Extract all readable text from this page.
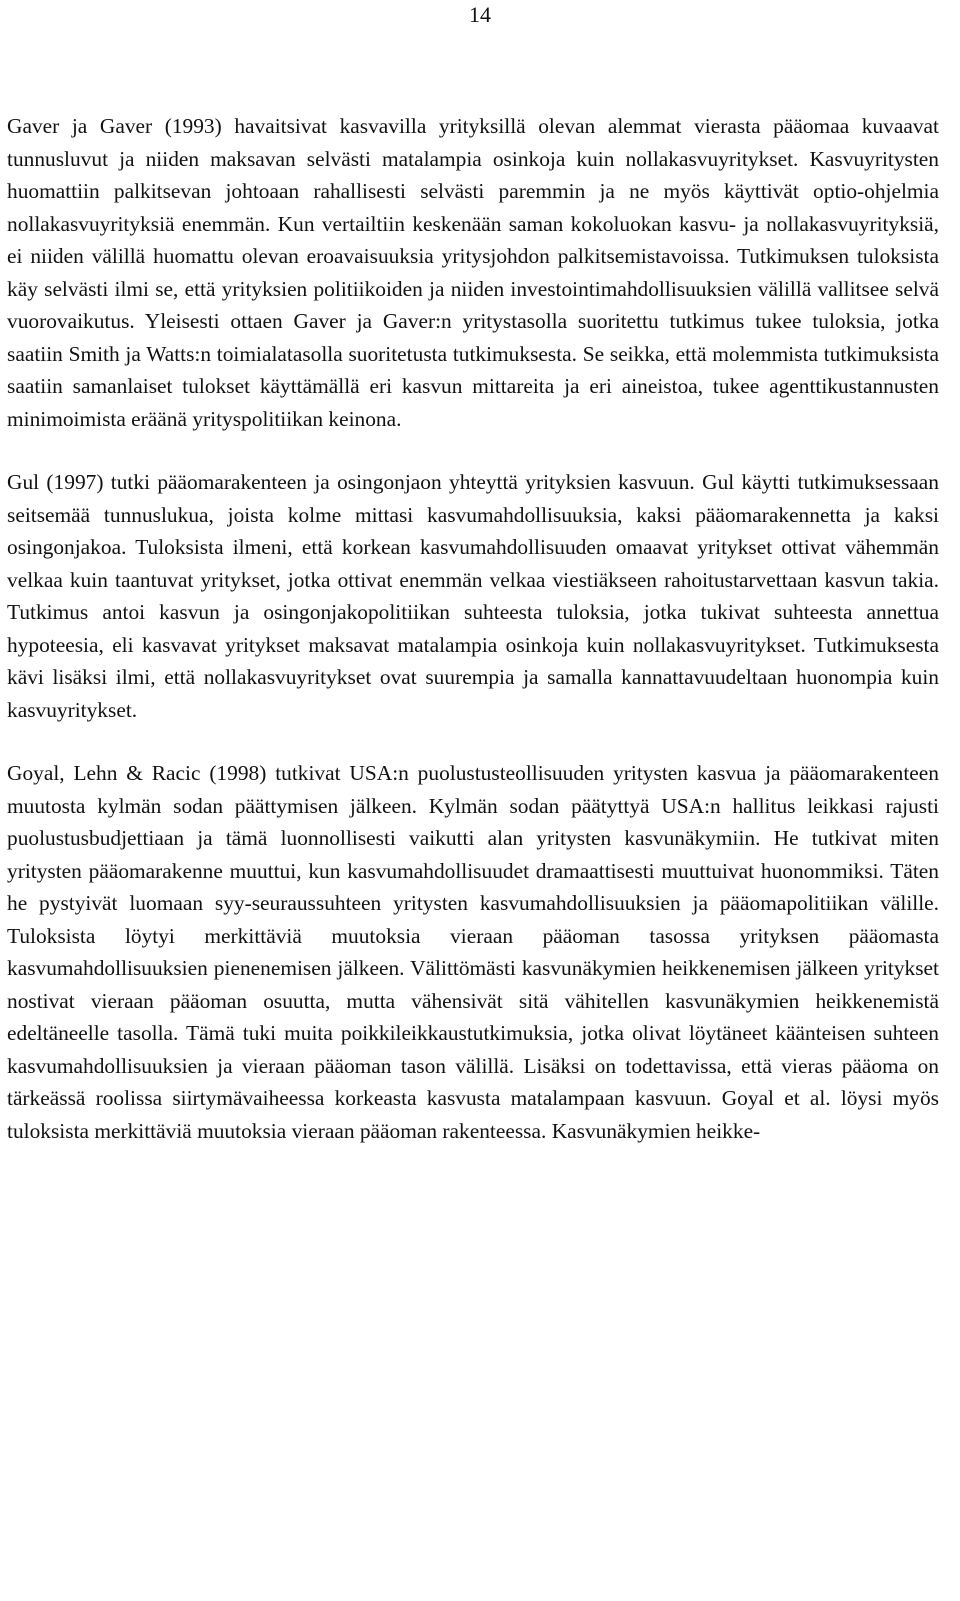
14

Gaver ja Gaver (1993) havaitsivat kasvavilla yrityksillä olevan alemmat vierasta pääomaa kuvaavat tunnusluvut ja niiden maksavan selvästi matalampia osinkoja kuin nollakasvuyritykset. Kasvuyritysten huomattiin palkitsevan johtoaan rahallisesti selvästi paremmin ja ne myös käyttivät optio-ohjelmia nollakasvuyrityksiä enemmän. Kun vertailtiin keskenään saman kokoluokan kasvu- ja nollakasvuyrityksiä, ei niiden välillä huomattu olevan eroavaisuuksia yritysjohdon palkitsemistavoissa. Tutkimuksen tuloksista käy selvästi ilmi se, että yrityksien politiikoiden ja niiden investointimahdollisuuksien välillä vallitsee selvä vuorovaikutus. Yleisesti ottaen Gaver ja Gaver:n yritystasolla suoritettu tutkimus tukee tuloksia, jotka saatiin Smith ja Watts:n toimialatasolla suoritetusta tutkimuksesta. Se seikka, että molemmista tutkimuksista saatiin samanlaiset tulokset käyttämällä eri kasvun mittareita ja eri aineistoa, tukee agenttikustannusten minimoimista eräänä yrityspolitiikan keinona.

Gul (1997) tutki pääomarakenteen ja osingonjaon yhteyttä yrityksien kasvuun. Gul käytti tutkimuksessaan seitsemää tunnuslukua, joista kolme mittasi kasvumahdollisuuksia, kaksi pääomarakennetta ja kaksi osingonjakoa. Tuloksista ilmeni, että korkean kasvumahdollisuuden omaavat yritykset ottivat vähemmän velkaa kuin taantuvat yritykset, jotka ottivat enemmän velkaa viestiäkseen rahoitustarvettaan kasvun takia. Tutkimus antoi kasvun ja osingonjakopolitiikan suhteesta tuloksia, jotka tukivat suhteesta annettua hypoteesia, eli kasvavat yritykset maksavat matalampia osinkoja kuin nollakasvuyritykset. Tutkimuksesta kävi lisäksi ilmi, että nollakasvuyritykset ovat suurempia ja samalla kannattavuudeltaan huonompia kuin kasvuyritykset.

Goyal, Lehn & Racic (1998) tutkivat USA:n puolustusteollisuuden yritysten kasvua ja pääomarakenteen muutosta kylmän sodan päättymisen jälkeen. Kylmän sodan päätyttyä USA:n hallitus leikkasi rajusti puolustusbudjettiaan ja tämä luonnollisesti vaikutti alan yritysten kasvunäkymiin. He tutkivat miten yritysten pääomarakenne muuttui, kun kasvumahdollisuudet dramaattisesti muuttuivat huonommiksi. Täten he pystyivät luomaan syy-seuraussuhteen yritysten kasvumahdollisuuksien ja pääomapolitiikan välille. Tuloksista löytyi merkittäviä muutoksia vieraan pääoman tasossa yrityksen pääomasta kasvumahdollisuuksien pienenemisen jälkeen. Välittömästi kasvunäkymien heikkenemisen jälkeen yritykset nostivat vieraan pääoman osuutta, mutta vähensivät sitä vähitellen kasvunäkymien heikkenemistä edeltäneelle tasolla. Tämä tuki muita poikkileikkaustutkimuksia, jotka olivat löytäneet käänteisen suhteen kasvumahdollisuuksien ja vieraan pääoman tason välillä. Lisäksi on todettavissa, että vieras pääoma on tärkeässä roolissa siirtymävaiheessa korkeasta kasvusta matalampaan kasvuun. Goyal et al. löysi myös tuloksista merkittäviä muutoksia vieraan pääoman rakenteessa. Kasvunäkymien heikke-
